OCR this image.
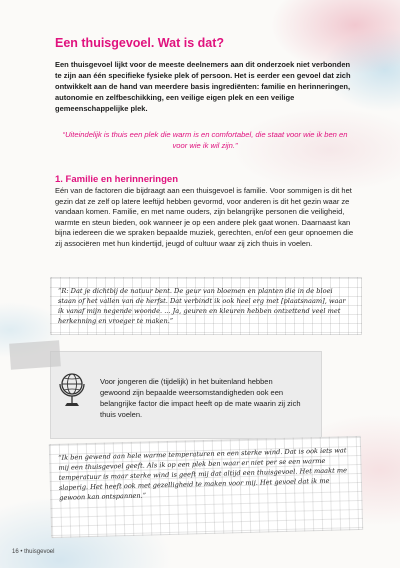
Een thuisgevoel. Wat is dat?
Een thuisgevoel lijkt voor de meeste deelnemers aan dit onderzoek niet verbonden te zijn aan één specifieke fysieke plek of persoon. Het is eerder een gevoel dat zich ontwikkelt aan de hand van meerdere basis ingrediënten: familie en herinneringen, autonomie en zelfbeschikking, een veilige eigen plek en een veilige gemeenschappelijke plek.
“Uiteindelijk is thuis een plek die warm is en comfortabel, die staat voor wie ik ben en voor wie ik wil zijn.”
1. Familie en herinneringen
Eén van de factoren die bijdraagt aan een thuisgevoel is familie. Voor sommigen is dit het gezin dat ze zelf op latere leeftijd hebben gevormd, voor anderen is dit het gezin waar ze vandaan komen. Familie, en met name ouders, zijn belangrijke personen die veiligheid, warmte en steun bieden, ook wanneer je op een andere plek gaat wonen. Daarnaast kan bijna iedereen die we spraken bepaalde muziek, gerechten, en/of een geur opnoemen die zij associëren met hun kindertijd, jeugd of cultuur waar zij zich thuis in voelen.
“R: Dat je dichtbij de natuur bent. De geur van bloemen en planten die in de bloei staan of het vallen van de herfst. Dat verbindt ik ook heel erg met [plaatsnaam], waar ik vanaf mijn negende woonde. ... Ja, geuren en kleuren hebben ontzettend veel met herkenning en vroeger te maken.”
Voor jongeren die (tijdelijk) in het buitenland hebben gewoond zijn bepaalde weersomstandigheden ook een belangrijke factor die impact heeft op de mate waarin zij zich thuis voelen.
“Ik ben gewend aan hele warme temperaturen en een sterke wind. Dat is ook iets wat mij een thuisgevoel geeft. Als ik op een plek ben waar er niet per se een warme temperatuur is maar sterke wind is geeft mij dat altijd een thuisgevoel. Het maakt me slaperig. Het heeft ook met gezelligheid te maken voor mij. Het gevoel dat ik me gewoon kan ontspannen.”
16 • thuisgevoel
